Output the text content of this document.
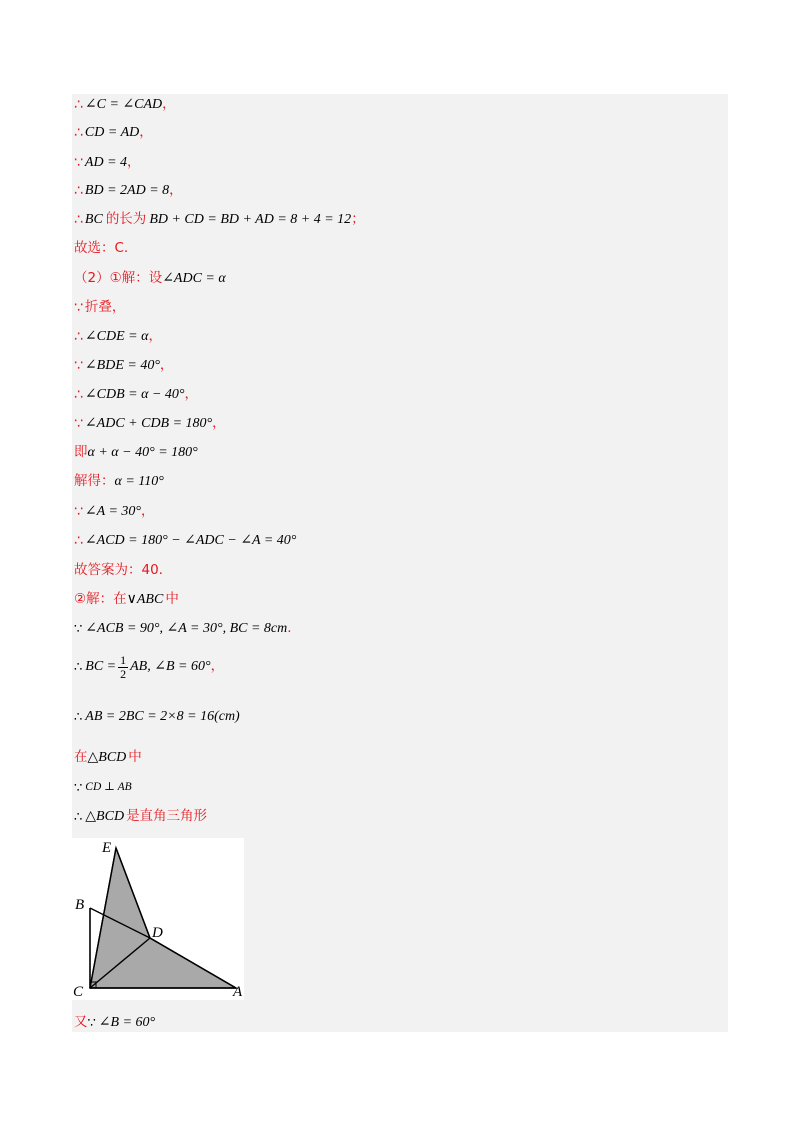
∴ ∠C = ∠CAD ，
∴ CD = AD ，
∵ AD = 4 ，
∴ BD = 2AD = 8 ，
∴ BC 的长为 BD + CD = BD + AD = 8 + 4 = 12 ；
故选：C.
（2）①解：设 ∠ADC = α
∵ 折叠，
∴ ∠CDE = α ，
∵ ∠BDE = 40° ，
∴ ∠CDB = α − 40° ，
∵ ∠ADC + CDB = 180° ，
即 α + α − 40° = 180°
解得： α = 110°
∵ ∠A = 30° ，
∴ ∠ACD = 180° − ∠ADC − ∠A = 40°
故答案为：40.
②解：在 ∨ABC 中
∵ ∠ACB = 90°, ∠A = 30°, BC = 8cm .
∴ BC = $\frac{1}{2}$ AB, ∠B = 60° ，
∴ AB = 2BC = 2×8 = 16(cm)
在 △BCD 中
∵ CD ⊥ AB
∴ △BCD 是直角三角形
E
B
D
C	A
又 ∵ ∠B = 60°
